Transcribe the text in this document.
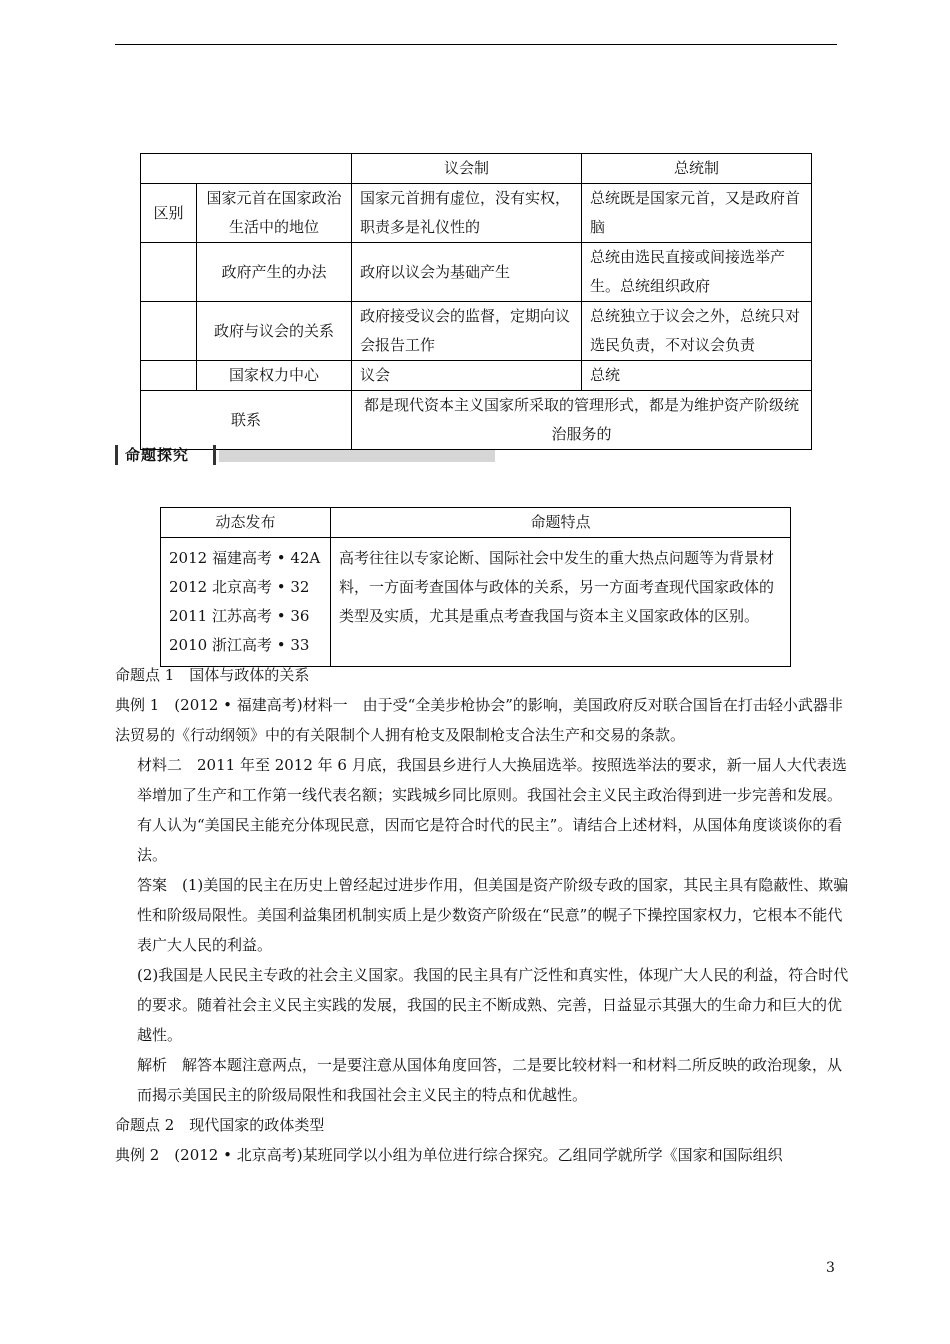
		议会制	总统制
区别	国家元首在国家政治生活中的地位	国家元首拥有虚位，没有实权，职责多是礼仪性的	总统既是国家元首，又是政府首脑
	政府产生的办法	政府以议会为基础产生	总统由选民直接或间接选举产生。总统组织政府
	政府与议会的关系	政府接受议会的监督，定期向议会报告工作	总统独立于议会之外，总统只对选民负责，不对议会负责
	国家权力中心	议会	总统
联系		都是现代资本主义国家所采取的管理形式，都是为维护资产阶级统治服务的	
命题探究
动态发布	命题特点

2012 福建高考 • 42A
2012 北京高考 • 32
2011 江苏高考 • 36
2010 浙江高考 • 33	高考往往以专家论断、国际社会中发生的重大热点问题等为背景材料，一方面考查国体与政体的关系，另一方面考查现代国家政体的类型及实质，尤其是重点考查我国与资本主义国家政体的区别。

命题点 1　国体与政体的关系

典例 1　(2012 • 福建高考)材料一　由于受“全美步枪协会”的影响，美国政府反对联合国旨在打击轻小武器非法贸易的《行动纲领》中的有关限制个人拥有枪支及限制枪支合法生产和交易的条款。

材料二　2011 年至 2012 年 6 月底，我国县乡进行人大换届选举。按照选举法的要求，新一届人大代表选举增加了生产和工作第一线代表名额；实践城乡同比原则。我国社会主义民主政治得到进一步完善和发展。

有人认为“美国民主能充分体现民意，因而它是符合时代的民主”。请结合上述材料，从国体角度谈谈你的看法。

答案　(1)美国的民主在历史上曾经起过进步作用，但美国是资产阶级专政的国家，其民主具有隐蔽性、欺骗性和阶级局限性。美国利益集团机制实质上是少数资产阶级在“民意”的幌子下操控国家权力，它根本不能代表广大人民的利益。

(2)我国是人民民主专政的社会主义国家。我国的民主具有广泛性和真实性，体现广大人民的利益，符合时代的要求。随着社会主义民主实践的发展，我国的民主不断成熟、完善，日益显示其强大的生命力和巨大的优越性。

解析　解答本题注意两点，一是要注意从国体角度回答，二是要比较材料一和材料二所反映的政治现象，从而揭示美国民主的阶级局限性和我国社会主义民主的特点和优越性。

命题点 2　现代国家的政体类型

典例 2　(2012 • 北京高考)某班同学以小组为单位进行综合探究。乙组同学就所学《国家和国际组织

3
